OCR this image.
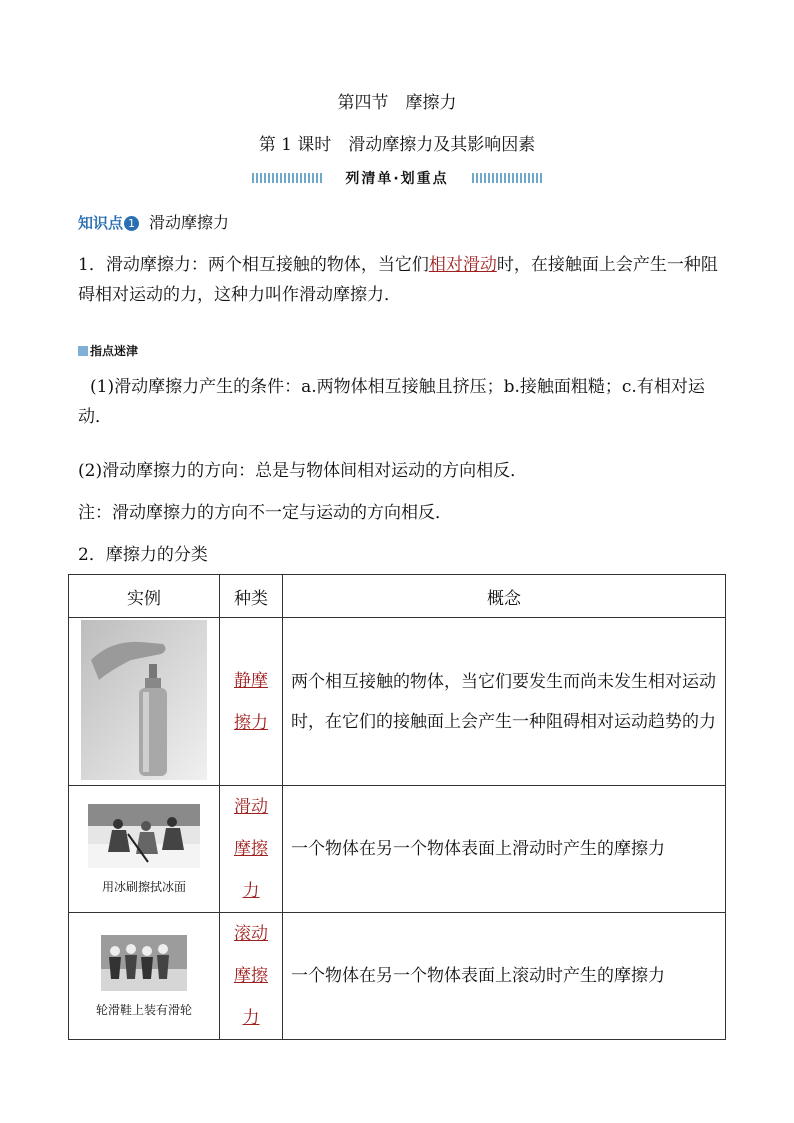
第四节　摩擦力
第 1 课时　滑动摩擦力及其影响因素
列清单·划重点
知识点 1 滑动摩擦力
1．滑动摩擦力：两个相互接触的物体，当它们相对滑动时，在接触面上会产生一种阻碍相对运动的力，这种力叫作滑动摩擦力．
指点迷津
(1)滑动摩擦力产生的条件：a.两物体相互接触且挤压；b.接触面粗糙；c.有相对运动．
(2)滑动摩擦力的方向：总是与物体间相对运动的方向相反．
注：滑动摩擦力的方向不一定与运动的方向相反．
2．摩擦力的分类
实例	种类	概念
	静摩
擦力	两个相互接触的物体，当它们要发生而尚未发生相对运动时，在它们的接触面上会产生一种阻碍相对运动趋势的力

用冰刷擦拭冰面	滑动
摩擦
力	一个物体在另一个物体表面上滑动时产生的摩擦力

轮滑鞋上装有滑轮	滚动
摩擦
力	一个物体在另一个物体表面上滚动时产生的摩擦力
